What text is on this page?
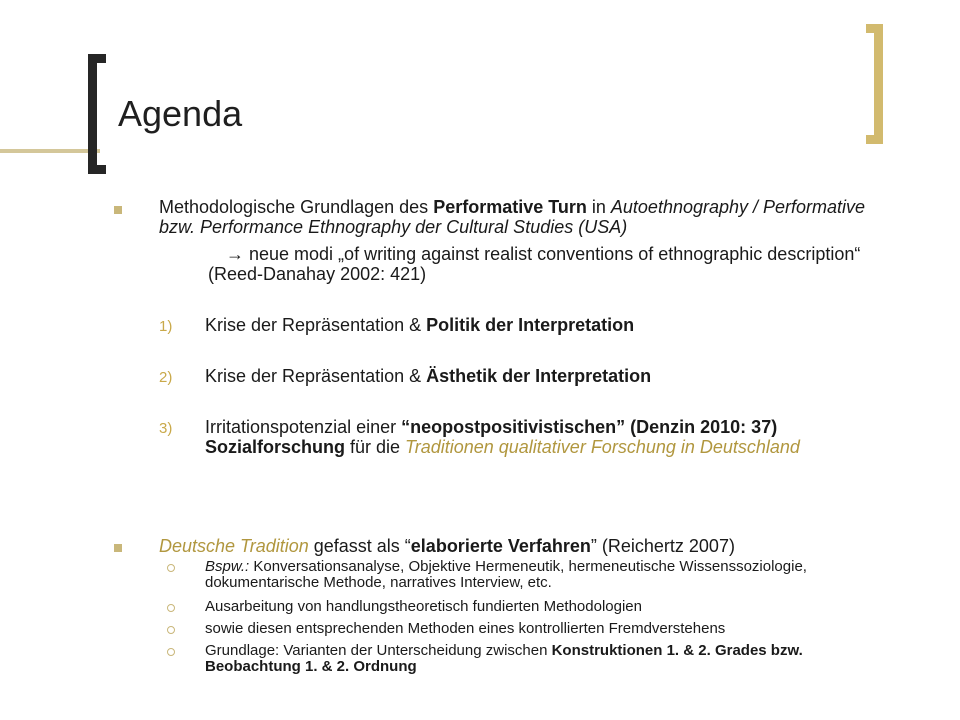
Agenda
Methodologische Grundlagen des Performative Turn in Autoethnography / Performative bzw. Performance Ethnography der Cultural Studies (USA)
→ neue modi „of writing against realist conventions of ethnographic description“ (Reed-Danahay 2002: 421)
1) Krise der Repräsentation & Politik der Interpretation
2) Krise der Repräsentation & Ästhetik der Interpretation
3) Irritationspotenzial einer “neopostpositivistischen” (Denzin 2010: 37) Sozialforschung für die Traditionen qualitativer Forschung in Deutschland
Deutsche Tradition gefasst als “elaborierte Verfahren” (Reichertz 2007)
Bspw.: Konversationsanalyse, Objektive Hermeneutik, hermeneutische Wissenssoziologie, dokumentarische Methode, narratives Interview, etc.
Ausarbeitung von handlungstheoretisch fundierten Methodologien
sowie diesen entsprechenden Methoden eines kontrollierten Fremdverstehens
Grundlage: Varianten der Unterscheidung zwischen Konstruktionen 1. & 2. Grades bzw. Beobachtung 1. & 2. Ordnung
